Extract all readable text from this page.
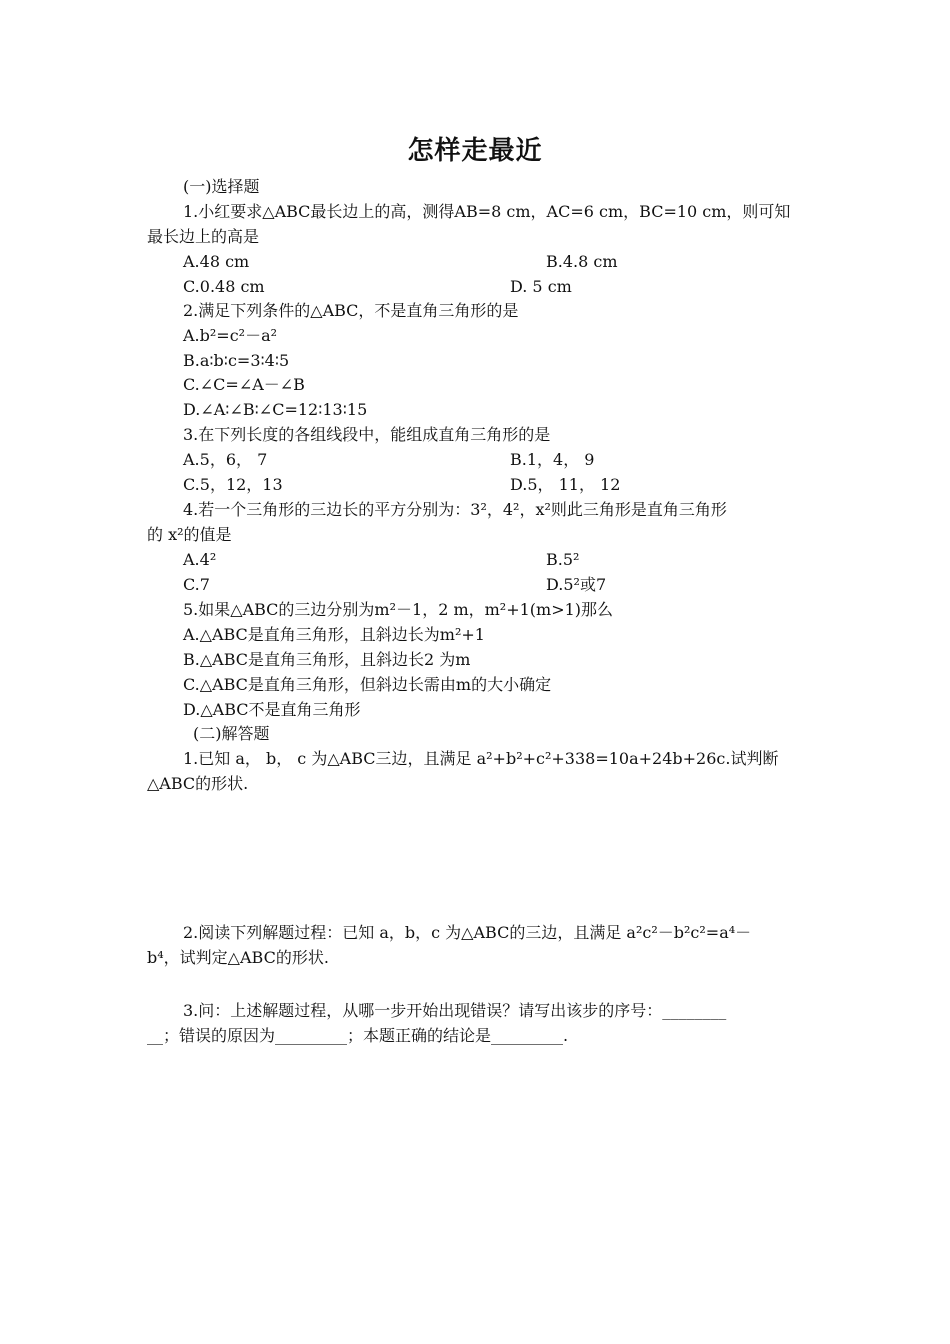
怎样走最近
(一)选择题
1.小红要求△ABC最长边上的高，测得AB=8 cm，AC=6 cm，BC=10 cm，则可知
最长边上的高是
A.48 cm	B.4.8 cm
C.0.48 cm	D. 5 cm
2.满足下列条件的△ABC，不是直角三角形的是
A.b²=c²－a²
B.a∶b∶c=3∶4∶5
C.∠C=∠A－∠B
D.∠A∶∠B∶∠C=12∶13∶15
3.在下列长度的各组线段中，能组成直角三角形的是
A.5，6， 7	B.1，4， 9
C.5，12，13	D.5， 11， 12
4.若一个三角形的三边长的平方分别为：3²，4²，x²则此三角形是直角三角形
的 x²的值是
A.4²	B.5²
C.7	D.5²或7
5.如果△ABC的三边分别为m²－1，2 m，m²+1(m>1)那么
A.△ABC是直角三角形，且斜边长为m²+1
B.△ABC是直角三角形，且斜边长2 为m
C.△ABC是直角三角形，但斜边长需由m的大小确定
D.△ABC不是直角三角形
(二)解答题
1.已知 a， b， c 为△ABC三边，且满足 a²+b²+c²+338=10a+24b+26c.试判断
△ABC的形状.
2.阅读下列解题过程：已知 a，b，c 为△ABC的三边，且满足 a²c²－b²c²=a⁴－
b⁴，试判定△ABC的形状.
3.问：上述解题过程，从哪一步开始出现错误？请写出该步的序号：________
__；错误的原因为_________；本题正确的结论是_________.
